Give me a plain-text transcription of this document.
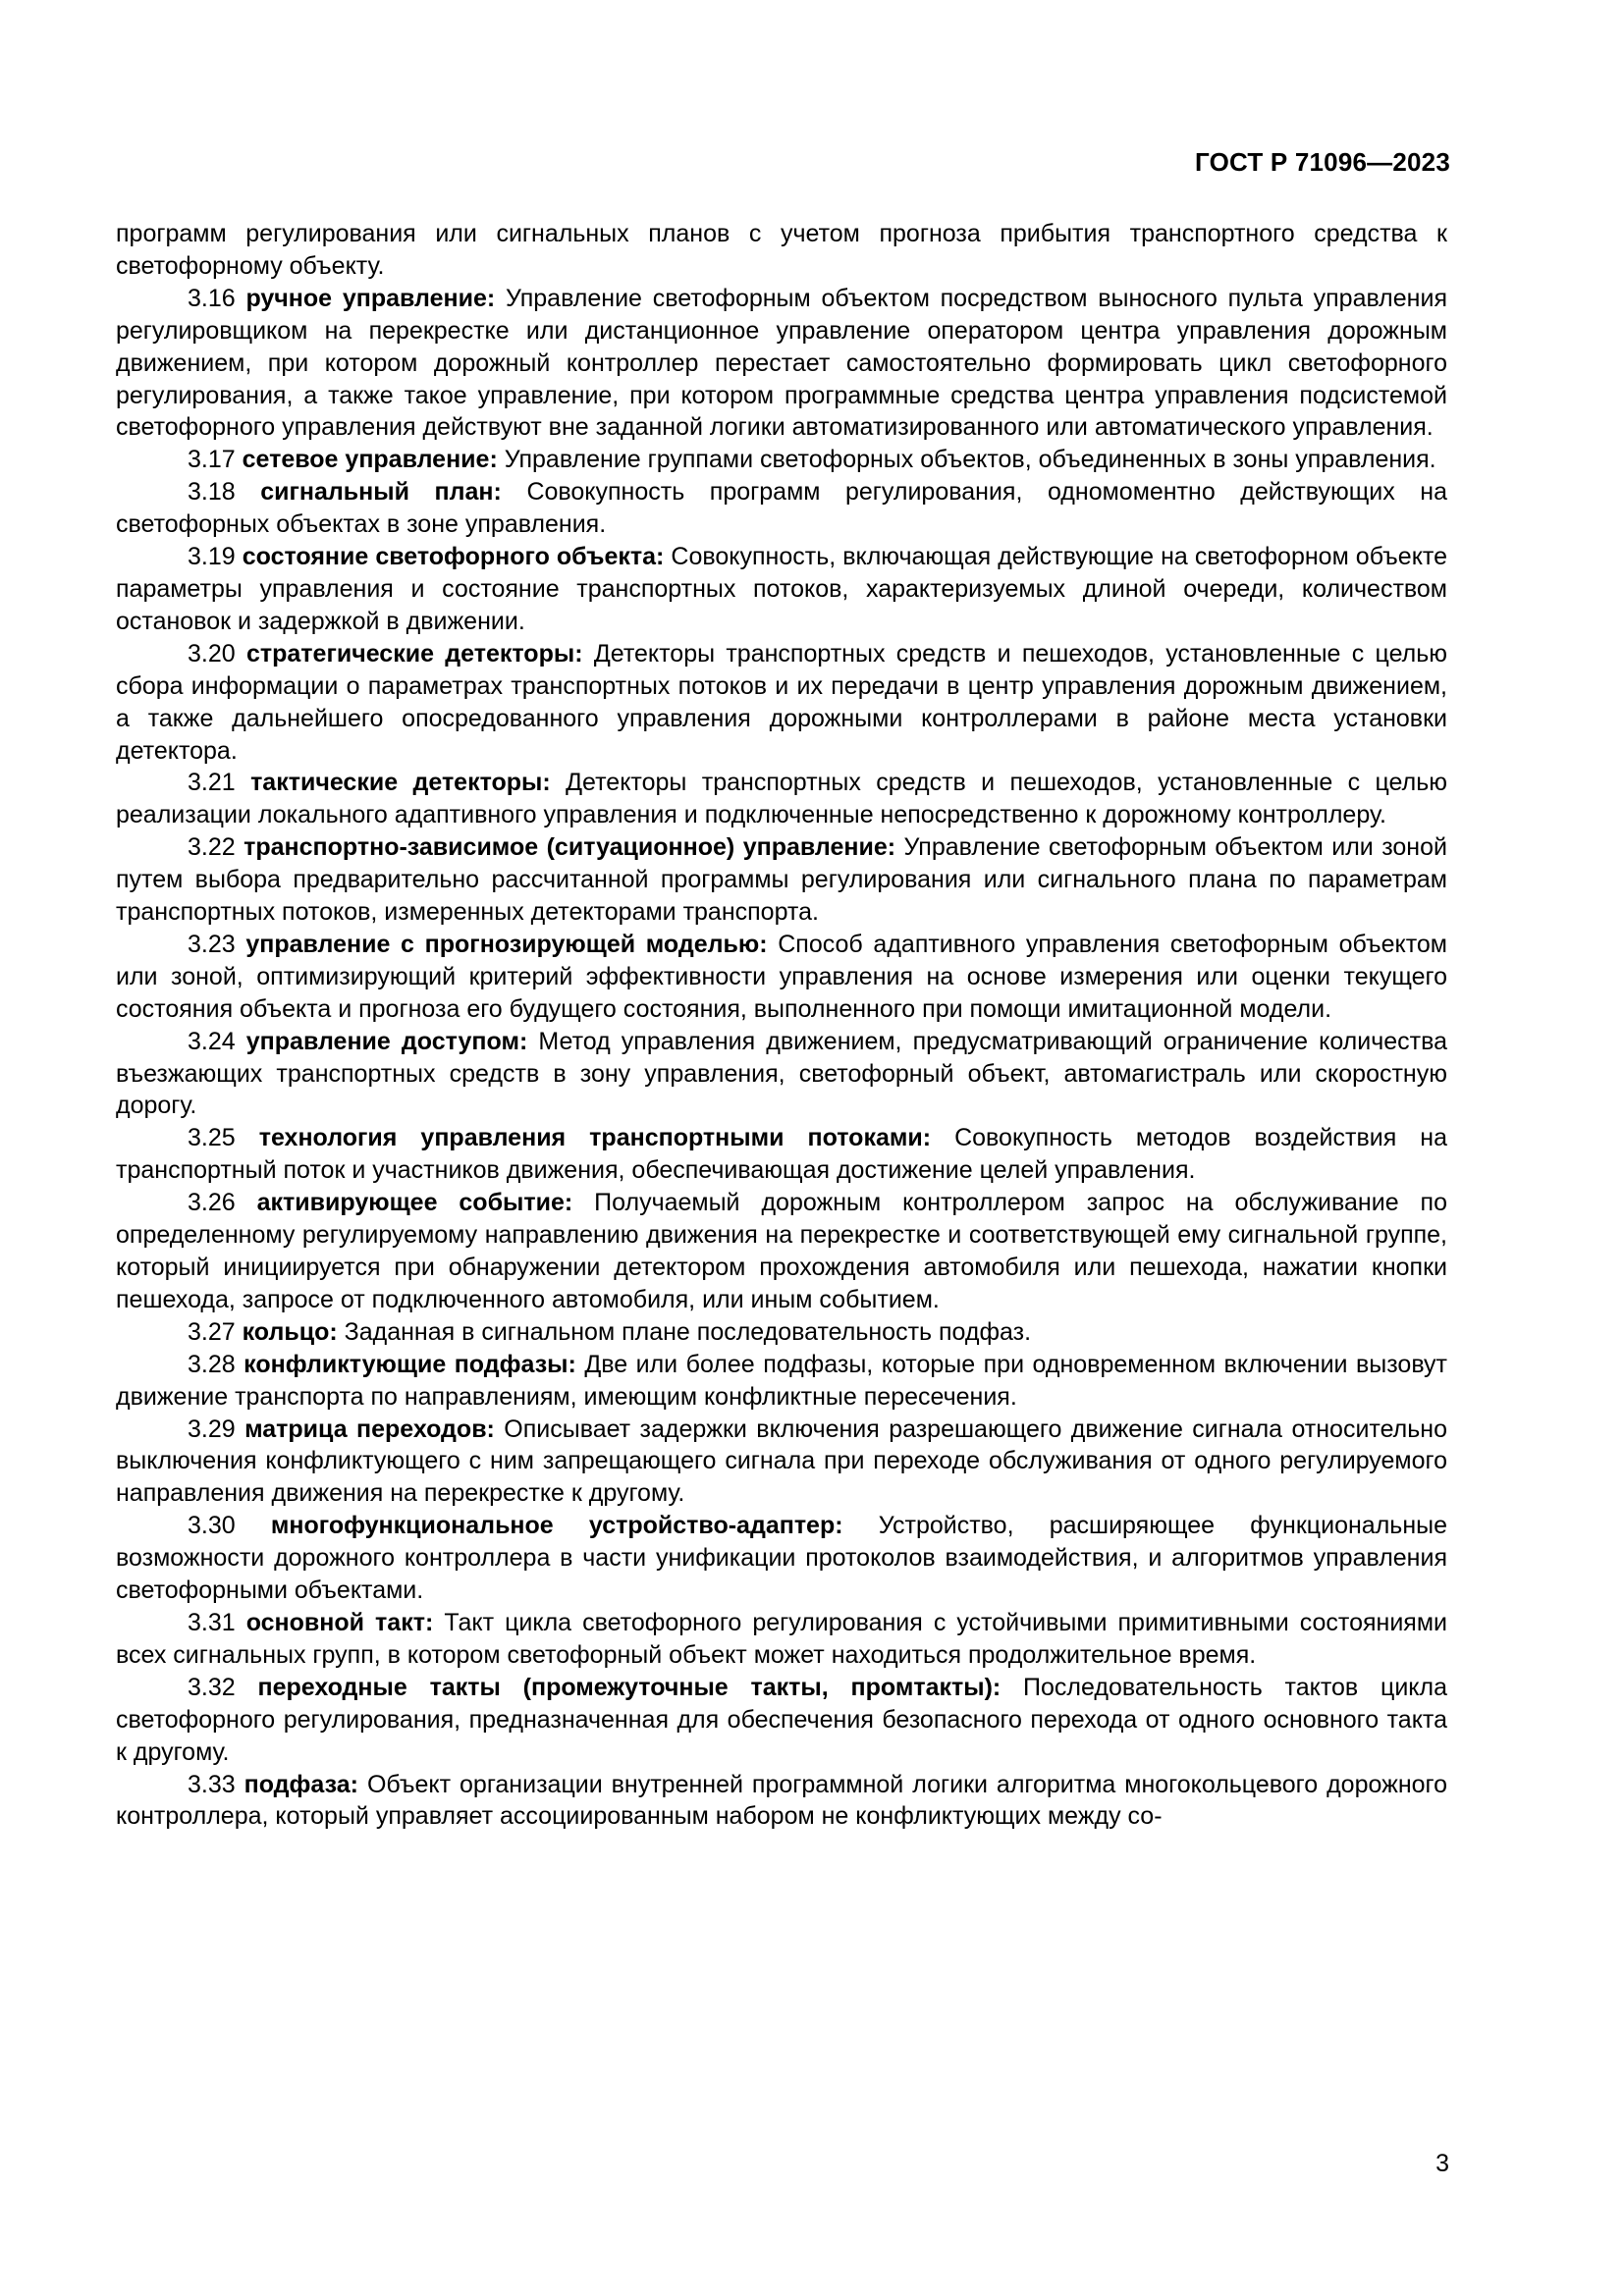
ГОСТ Р 71096—2023

программ регулирования или сигнальных планов с учетом прогноза прибытия транспортного средства к светофорному объекту.

3.16 ручное управление: Управление светофорным объектом посредством выносного пульта управления регулировщиком на перекрестке или дистанционное управление оператором центра управления дорожным движением, при котором дорожный контроллер перестает самостоятельно формировать цикл светофорного регулирования, а также такое управление, при котором программные средства центра управления подсистемой светофорного управления действуют вне заданной логики автоматизированного или автоматического управления.

3.17 сетевое управление: Управление группами светофорных объектов, объединенных в зоны управления.

3.18 сигнальный план: Совокупность программ регулирования, одномоментно действующих на светофорных объектах в зоне управления.

3.19 состояние светофорного объекта: Совокупность, включающая действующие на светофорном объекте параметры управления и состояние транспортных потоков, характеризуемых длиной очереди, количеством остановок и задержкой в движении.

3.20 стратегические детекторы: Детекторы транспортных средств и пешеходов, установленные с целью сбора информации о параметрах транспортных потоков и их передачи в центр управления дорожным движением, а также дальнейшего опосредованного управления дорожными контроллерами в районе места установки детектора.

3.21 тактические детекторы: Детекторы транспортных средств и пешеходов, установленные с целью реализации локального адаптивного управления и подключенные непосредственно к дорожному контроллеру.

3.22 транспортно-зависимое (ситуационное) управление: Управление светофорным объектом или зоной путем выбора предварительно рассчитанной программы регулирования или сигнального плана по параметрам транспортных потоков, измеренных детекторами транспорта.

3.23 управление с прогнозирующей моделью: Способ адаптивного управления светофорным объектом или зоной, оптимизирующий критерий эффективности управления на основе измерения или оценки текущего состояния объекта и прогноза его будущего состояния, выполненного при помощи имитационной модели.

3.24 управление доступом: Метод управления движением, предусматривающий ограничение количества въезжающих транспортных средств в зону управления, светофорный объект, автомагистраль или скоростную дорогу.

3.25 технология управления транспортными потоками: Совокупность методов воздействия на транспортный поток и участников движения, обеспечивающая достижение целей управления.

3.26 активирующее событие: Получаемый дорожным контроллером запрос на обслуживание по определенному регулируемому направлению движения на перекрестке и соответствующей ему сигнальной группе, который инициируется при обнаружении детектором прохождения автомобиля или пешехода, нажатии кнопки пешехода, запросе от подключенного автомобиля, или иным событием.

3.27 кольцо: Заданная в сигнальном плане последовательность подфаз.

3.28 конфликтующие подфазы: Две или более подфазы, которые при одновременном включении вызовут движение транспорта по направлениям, имеющим конфликтные пересечения.

3.29 матрица переходов: Описывает задержки включения разрешающего движение сигнала относительно выключения конфликтующего с ним запрещающего сигнала при переходе обслуживания от одного регулируемого направления движения на перекрестке к другому.

3.30 многофункциональное устройство-адаптер: Устройство, расширяющее функциональные возможности дорожного контроллера в части унификации протоколов взаимодействия, и алгоритмов управления светофорными объектами.

3.31 основной такт: Такт цикла светофорного регулирования с устойчивыми примитивными состояниями всех сигнальных групп, в котором светофорный объект может находиться продолжительное время.

3.32 переходные такты (промежуточные такты, промтакты): Последовательность тактов цикла светофорного регулирования, предназначенная для обеспечения безопасного перехода от одного основного такта к другому.

3.33 подфаза: Объект организации внутренней программной логики алгоритма многокольцевого дорожного контроллера, который управляет ассоциированным набором не конфликтующих между со-

3
